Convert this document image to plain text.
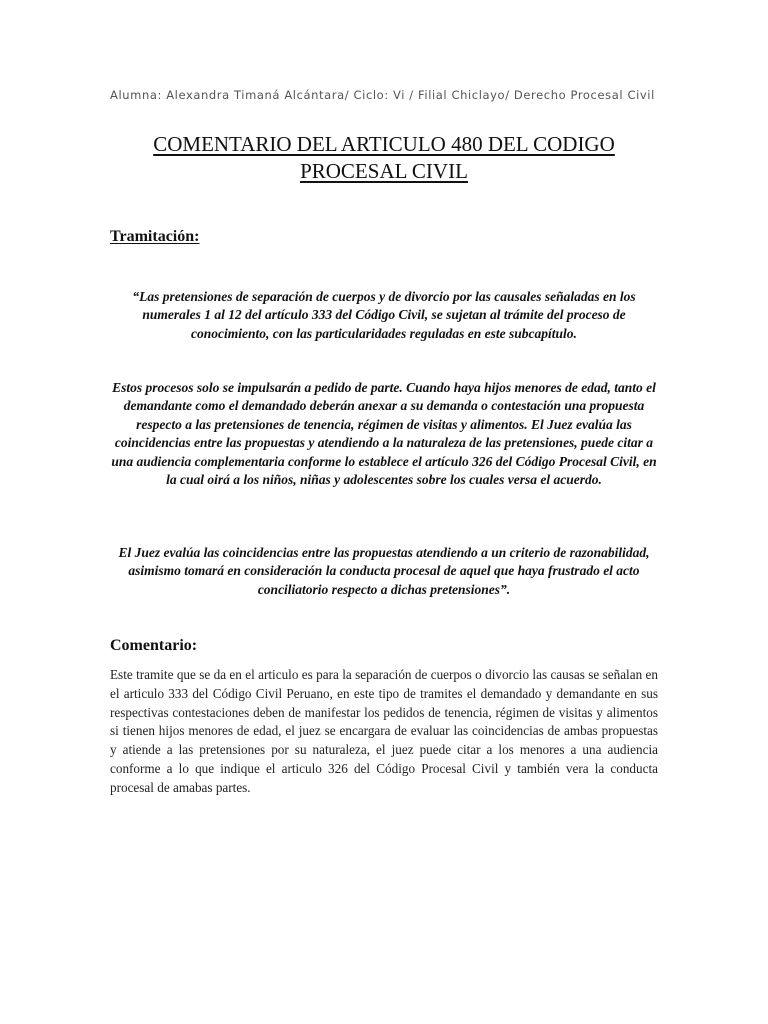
Alumna: Alexandra Timaná Alcántara/ Ciclo: Vi / Filial Chiclayo/ Derecho Procesal Civil
COMENTARIO DEL ARTICULO 480 DEL CODIGO PROCESAL CIVIL
Tramitación:

“Las pretensiones de separación de cuerpos y de divorcio por las causales señaladas en los numerales 1 al 12 del artículo 333 del Código Civil, se sujetan al trámite del proceso de conocimiento, con las particularidades reguladas en este subcapítulo.

Estos procesos solo se impulsarán a pedido de parte. Cuando haya hijos menores de edad, tanto el demandante como el demandado deberán anexar a su demanda o contestación una propuesta respecto a las pretensiones de tenencia, régimen de visitas y alimentos. El Juez evalúa las coincidencias entre las propuestas y atendiendo a la naturaleza de las pretensiones, puede citar a una audiencia complementaria conforme lo establece el artículo 326 del Código Procesal Civil, en la cual oirá a los niños, niñas y adolescentes sobre los cuales versa el acuerdo.

El Juez evalúa las coincidencias entre las propuestas atendiendo a un criterio de razonabilidad, asimismo tomará en consideración la conducta procesal de aquel que haya frustrado el acto conciliatorio respecto a dichas pretensiones”.

Comentario:

Este tramite que se da en el articulo es para la separación de cuerpos o divorcio las causas se señalan en el articulo 333 del Código Civil Peruano, en este tipo de tramites el demandado y demandante en sus respectivas contestaciones deben de manifestar los pedidos de tenencia, régimen de visitas y alimentos si tienen hijos menores de edad, el juez se encargara de evaluar las coincidencias de ambas propuestas y atiende a las pretensiones por su naturaleza, el juez puede citar a los menores a una audiencia conforme a lo que indique el articulo 326 del Código Procesal Civil y también vera la conducta procesal de amabas partes.
